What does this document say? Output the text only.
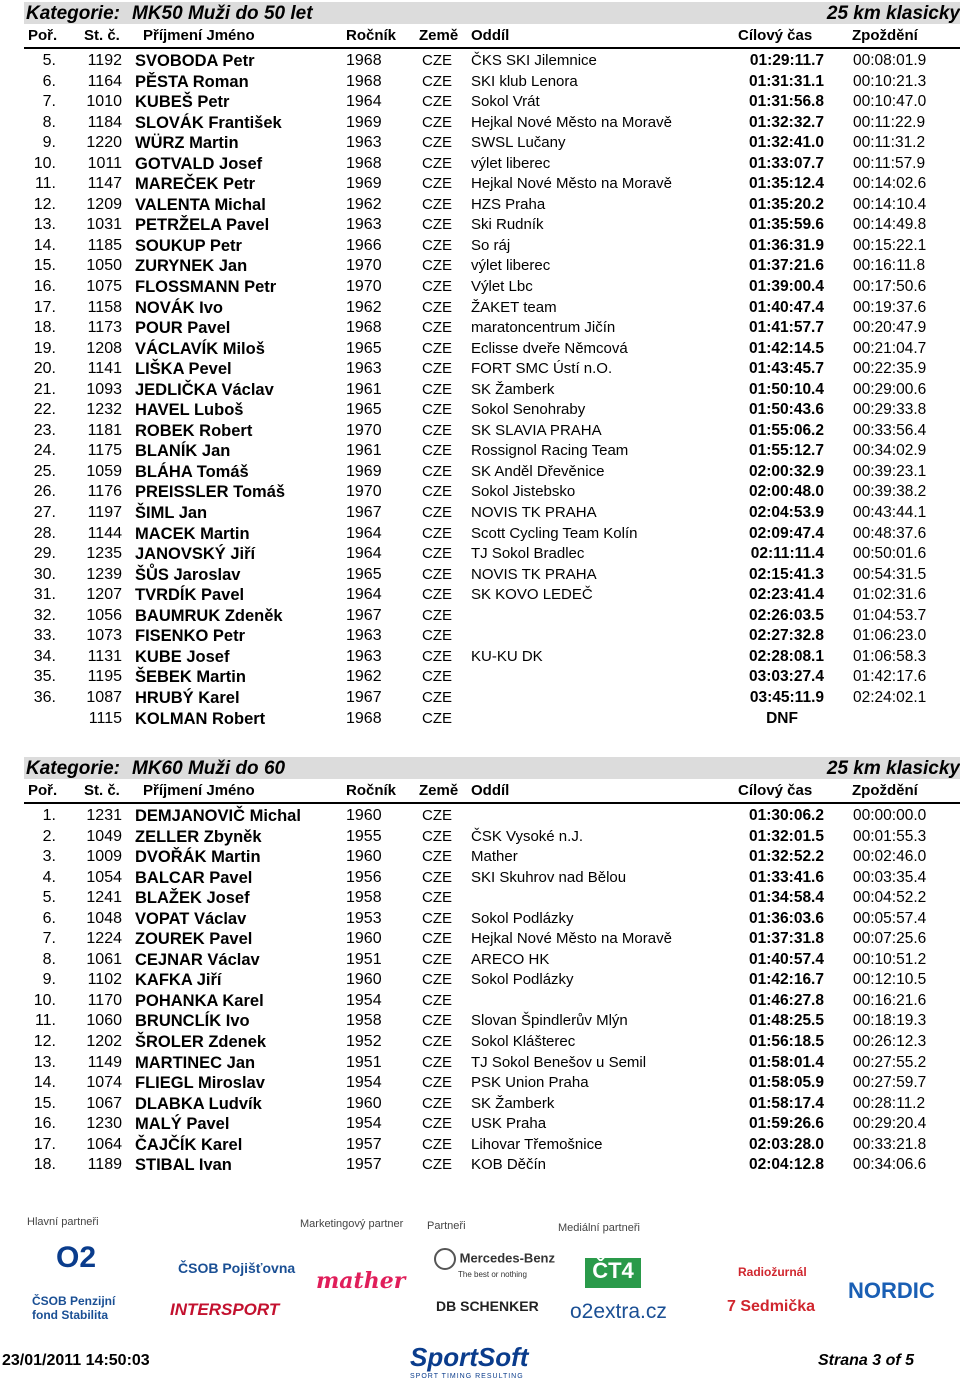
Kategorie: MK50 Muži do 50 let	25 km klasicky
Poř. St. č. Příjmení Jméno	Ročník Země Oddíl	Cílový čas	Zpoždění
5.	1192 SVOBODA Petr	1968	CZE ČKS SKI Jilemnice	01:29:11.7 00:08:01.9
6.	1164 PĚSTA Roman	1968	CZE SKI klub Lenora	01:31:31.1 00:10:21.3
7.	1010 KUBEŠ Petr	1964	CZE Sokol Vrát	01:31:56.8 00:10:47.0
8.	1184 SLOVÁK František	1969	CZE Hejkal Nové Město na Moravě	01:32:32.7 00:11:22.9
9.	1220 WÜRZ Martin	1963	CZE SWSL Lučany	01:32:41.0 00:11:31.2
10.	1011 GOTVALD Josef	1968	CZE výlet liberec	01:33:07.7 00:11:57.9
11.	1147 MAREČEK Petr	1969	CZE Hejkal Nové Město na Moravě	01:35:12.4 00:14:02.6
12.	1209 VALENTA Michal	1962	CZE HZS Praha	01:35:20.2 00:14:10.4
13.	1031 PETRŽELA Pavel	1963	CZE Ski Rudník	01:35:59.6 00:14:49.8
14.	1185 SOUKUP Petr	1966	CZE So ráj	01:36:31.9 00:15:22.1
15.	1050 ZURYNEK Jan	1970	CZE výlet liberec	01:37:21.6 00:16:11.8
16.	1075 FLOSSMANN Petr	1970	CZE Výlet Lbc	01:39:00.4 00:17:50.6
17.	1158 NOVÁK Ivo	1962	CZE ŽAKET team	01:40:47.4 00:19:37.6
18.	1173 POUR Pavel	1968	CZE maratoncentrum Jičín	01:41:57.7 00:20:47.9
19.	1208 VÁCLAVÍK Miloš	1965	CZE Eclisse dveře Němcová	01:42:14.5 00:21:04.7
20.	1141 LIŠKA Pevel	1963	CZE FORT SMC Ústí n.O.	01:43:45.7 00:22:35.9
21.	1093 JEDLIČKA Václav	1961	CZE SK Žamberk	01:50:10.4 00:29:00.6
22.	1232 HAVEL Luboš	1965	CZE Sokol Senohraby	01:50:43.6 00:29:33.8
23.	1181 ROBEK Robert	1970	CZE SK SLAVIA PRAHA	01:55:06.2 00:33:56.4
24.	1175 BLANÍK Jan	1961	CZE Rossignol Racing Team	01:55:12.7 00:34:02.9
25.	1059 BLÁHA Tomáš	1969	CZE SK Anděl Dřevěnice	02:00:32.9 00:39:23.1
26.	1176 PREISSLER Tomáš	1970	CZE Sokol Jistebsko	02:00:48.0 00:39:38.2
27.	1197 ŠIML Jan	1967	CZE NOVIS TK PRAHA	02:04:53.9 00:43:44.1
28.	1144 MACEK Martin	1964	CZE Scott Cycling Team Kolín	02:09:47.4 00:48:37.6
29.	1235 JANOVSKÝ Jiří	1964	CZE TJ Sokol Bradlec	02:11:11.4 00:50:01.6
30.	1239 ŠŮS Jaroslav	1965	CZE NOVIS TK PRAHA	02:15:41.3 00:54:31.5
31.	1207 TVRDÍK Pavel	1964	CZE SK KOVO LEDEČ	02:23:41.4 01:02:31.6
32.	1056 BAUMRUK Zdeněk	1967	CZE	02:26:03.5 01:04:53.7
33.	1073 FISENKO Petr	1963	CZE	02:27:32.8 01:06:23.0
34.	1131 KUBE Josef	1963	CZE KU-KU DK	02:28:08.1 01:06:58.3
35.	1195 ŠEBEK Martin	1962	CZE	03:03:27.4 01:42:17.6
36.	1087 HRUBÝ Karel	1967	CZE	03:45:11.9 02:24:02.1
1115 KOLMAN Robert	1968	CZE	DNF
Kategorie: MK60 Muži do 60	25 km klasicky
Poř. St. č. Příjmení Jméno	Ročník Země Oddíl	Cílový čas	Zpoždění
1.	1231 DEMJANOVIČ Michal	1960	CZE	01:30:06.2 00:00:00.0
2.	1049 ZELLER Zbyněk	1955	CZE ČSK Vysoké n.J.	01:32:01.5 00:01:55.3
3.	1009 DVOŘÁK Martin	1960	CZE Mather	01:32:52.2 00:02:46.0
4.	1054 BALCAR Pavel	1956	CZE SKI Skuhrov nad Bělou	01:33:41.6 00:03:35.4
5.	1241 BLAŽEK Josef	1958	CZE	01:34:58.4 00:04:52.2
6.	1048 VOPAT Václav	1953	CZE Sokol Podlázky	01:36:03.6 00:05:57.4
7.	1224 ZOUREK Pavel	1960	CZE Hejkal Nové Město na Moravě	01:37:31.8 00:07:25.6
8.	1061 CEJNAR Václav	1951	CZE ARECO HK	01:40:57.4 00:10:51.2
9.	1102 KAFKA Jiří	1960	CZE Sokol Podlázky	01:42:16.7 00:12:10.5
10.	1170 POHANKA Karel	1954	CZE	01:46:27.8 00:16:21.6
11.	1060 BRUNCLÍK Ivo	1958	CZE Slovan Špindlerův Mlýn	01:48:25.5 00:18:19.3
12.	1202 ŠROLER Zdenek	1952	CZE Sokol Klášterec	01:56:18.5 00:26:12.3
13.	1149 MARTINEC Jan	1951	CZE TJ Sokol Benešov u Semil	01:58:01.4 00:27:55.2
14.	1074 FLIEGL Miroslav	1954	CZE PSK Union Praha	01:58:05.9 00:27:59.7
15.	1067 DLABKA Ludvík	1960	CZE SK Žamberk	01:58:17.4 00:28:11.2
16.	1230 MALÝ Pavel	1954	CZE USK Praha	01:59:26.6 00:29:20.4
17.	1064 ČAJČÍK Karel	1957	CZE Lihovar Třemošnice	02:03:28.0 00:33:21.8
18.	1189 STIBAL Ivan	1957	CZE KOB Děčín	02:04:12.8 00:34:06.6
Hlavní partneři	Marketingový partner Partneři	Mediální partneři
O2	ČSOB Pojišťovna mather
Mercedes-Benz
The best or nothing	ČT4	Radiožurnál
NORDIC
ČSOB Penzijní fond Stabilita	INTERSPORT	DB SCHENKER o2extra.cz	7 Sedmička
23/01/2011 14:50:03	SportSoft
SPORT TIMING RESULTING
Strana 3 of 5
